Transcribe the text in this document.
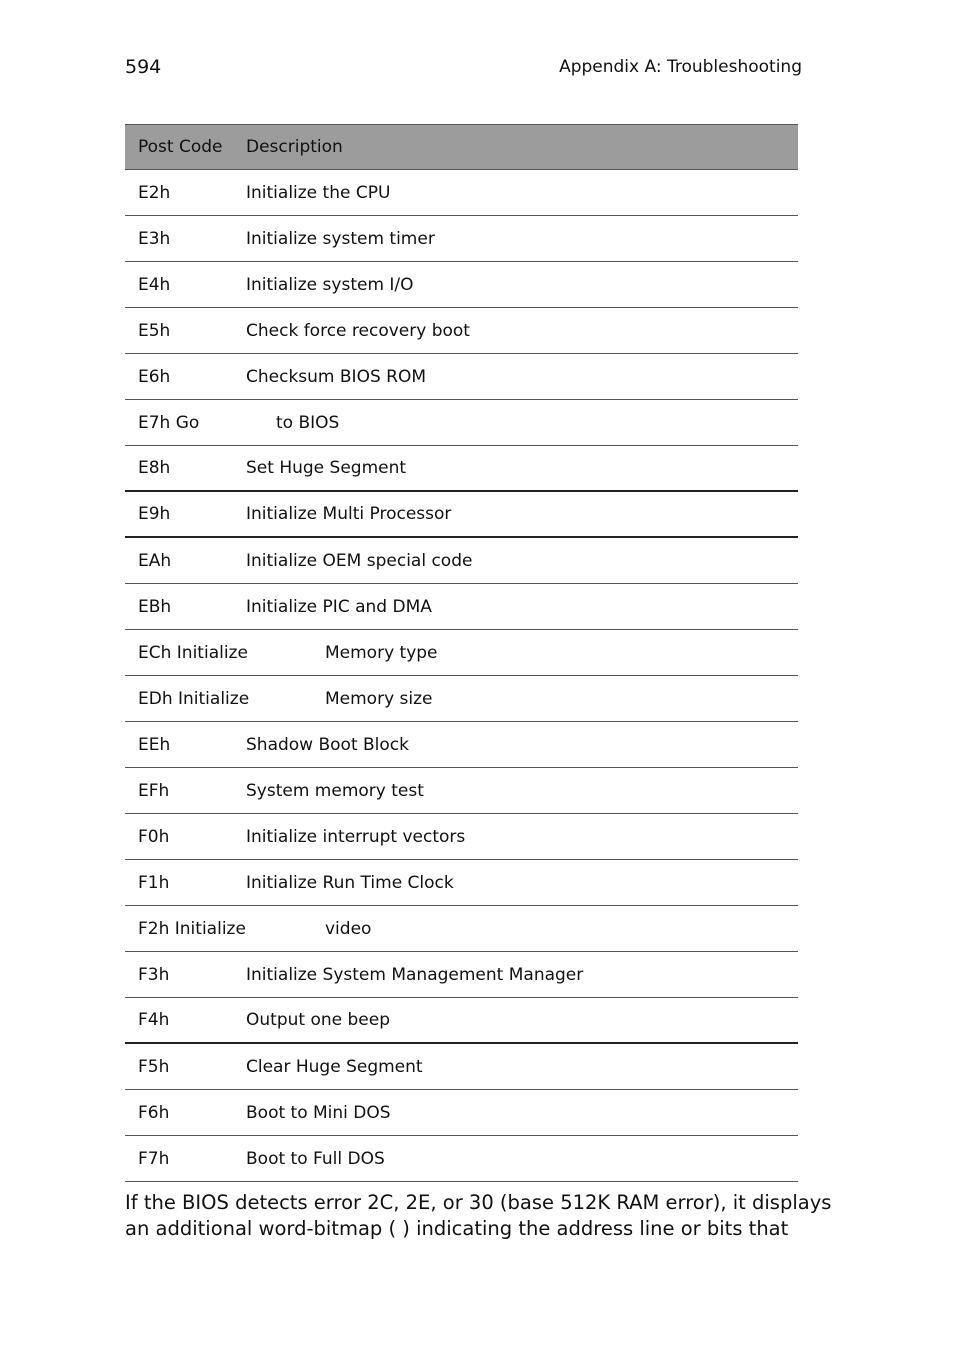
594	Appendix A: Troubleshooting
Post Code Description
E2h	Initialize the CPU
E3h	Initialize system timer
E4h	Initialize system I/O
E5h	Check force recovery boot
E6h	Checksum BIOS ROM
E7h Go	to BIOS
E8h	Set Huge Segment
E9h	Initialize Multi Processor
EAh	Initialize OEM special code
EBh	Initialize PIC and DMA
ECh Initialize	Memory type
EDh Initialize	Memory size
EEh	Shadow Boot Block
EFh	System memory test
F0h	Initialize interrupt vectors
F1h	Initialize Run Time Clock
F2h Initialize	video
F3h	Initialize System Management Manager
F4h	Output one beep
F5h	Clear Huge Segment
F6h	Boot to Mini DOS
F7h	Boot to Full DOS
If the BIOS detects error 2C, 2E, or 30 (base 512K RAM error), it displays
an additional word-bitmap ( ) indicating the address line or bits that
